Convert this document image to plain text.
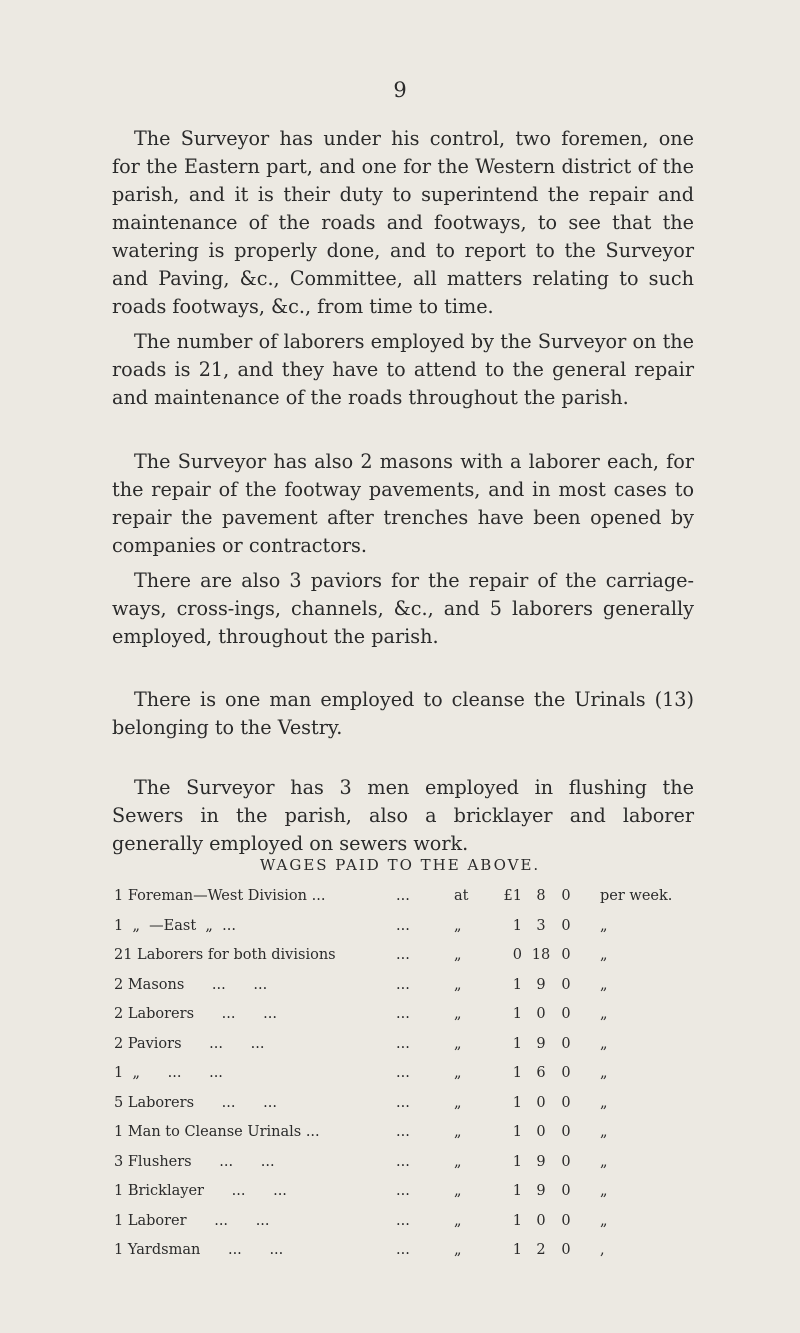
9

The Surveyor has under his control, two foremen, one for the Eastern part, and one for the Western district of the parish, and it is their duty to superintend the repair and maintenance of the roads and footways, to see that the watering is properly done, and to report to the Surveyor and Paving, &c., Committee, all matters relating to such roads footways, &c., from time to time.

The number of laborers employed by the Surveyor on the roads is 21, and they have to attend to the general repair and maintenance of the roads throughout the parish.

The Surveyor has also 2 masons with a laborer each, for the repair of the footway pavements, and in most cases to repair the pavement after trenches have been opened by companies or contractors.

There are also 3 paviors for the repair of the carriage-ways, cross-ings, channels, &c., and 5 laborers generally employed, throughout the parish.

There is one man employed to cleanse the Urinals (13) belonging to the Vestry.

The Surveyor has 3 men employed in flushing the Sewers in the parish, also a bricklayer and laborer generally employed on sewers work.

WAGES PAID TO THE ABOVE.
1 Foreman—West Division ...	...	at	£1 8	0	per week.
1  „  —East  „  ...	...	„	1 3	0	„
21 Laborers for both divisions	...	„	0 18 0	„
2 Masons      ...      ...	...	„	1 9	0	„
2 Laborers      ...      ...	...	„	1 0	0	„
2 Paviors      ...      ...	...	„	1 9	0	„
1  „      ...      ...	...	„	1 6	0	„
5 Laborers      ...      ...	...	„	1 0	0	„
1 Man to Cleanse Urinals ...	...	„	1 0	0	„
3 Flushers      ...      ...	...	„	1 9	0	„
1 Bricklayer      ...      ...	...	„	1 9	0	„
1 Laborer      ...      ...	...	„	1 0	0	„
1 Yardsman      ...      ...	...	„	1 2	0	,
